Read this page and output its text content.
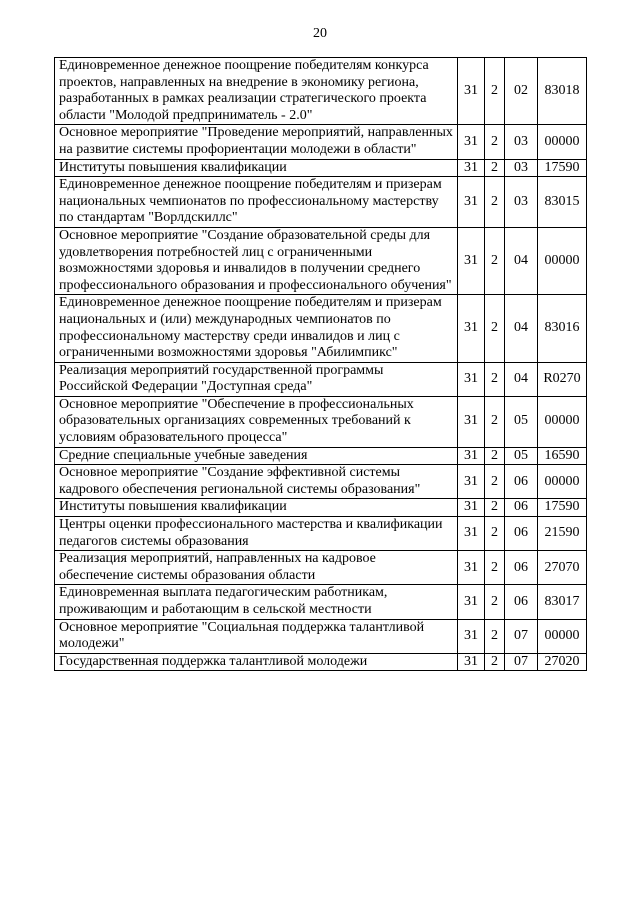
20
Единовременное денежное поощрение победителям конкурса проектов, направленных на внедрение в экономику региона, разработанных в рамках реализации стратегического проекта области "Молодой предприниматель - 2.0"	31	2	02	83018
Основное мероприятие "Проведение мероприятий, направленных на развитие системы профориентации молодежи в области"	31	2	03	00000
Институты повышения квалификации	31	2	03	17590
Единовременное денежное поощрение победителям и призерам национальных чемпионатов по профессиональному мастерству по стандартам "Ворлдскиллс"	31	2	03	83015
Основное мероприятие "Создание образовательной среды для удовлетворения потребностей лиц с ограниченными возможностями здоровья и инвалидов в получении среднего профессионального образования и профессионального обучения"	31	2	04	00000
Единовременное денежное поощрение победителям и призерам национальных и (или) международных чемпионатов по профессиональному мастерству среди инвалидов и лиц с ограниченными возможностями здоровья "Абилимпикс"	31	2	04	83016
Реализация мероприятий государственной программы Российской Федерации "Доступная среда"	31	2	04	R0270
Основное мероприятие "Обеспечение в профессиональных образовательных организациях современных требований к условиям образовательного процесса"	31	2	05	00000
Средние специальные учебные заведения	31	2	05	16590
Основное мероприятие "Создание эффективной системы кадрового обеспечения региональной системы образования"	31	2	06	00000
Институты повышения квалификации	31	2	06	17590
Центры оценки профессионального мастерства и квалификации педагогов системы образования	31	2	06	21590
Реализация мероприятий, направленных на кадровое обеспечение системы образования области	31	2	06	27070
Единовременная выплата педагогическим работникам, проживающим и работающим в сельской местности	31	2	06	83017
Основное мероприятие "Социальная поддержка талантливой молодежи"	31	2	07	00000
Государственная поддержка талантливой молодежи	31	2	07	27020
